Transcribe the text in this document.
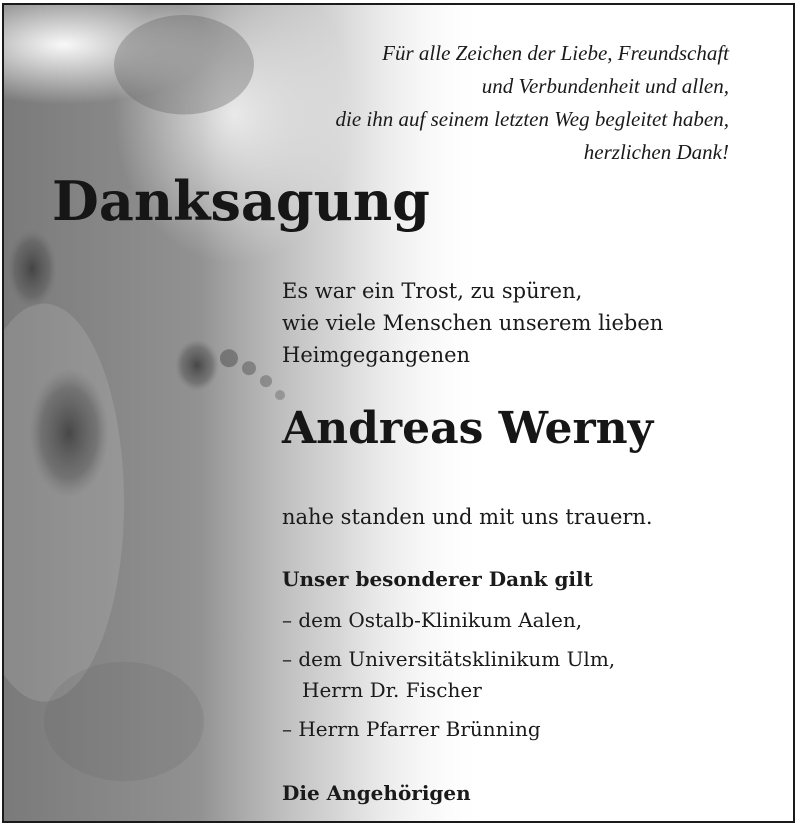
Für alle Zeichen der Liebe, Freundschaft
und Verbundenheit und allen,
die ihn auf seinem letzten Weg begleitet haben,
herzlichen Dank!
Danksagung
Es war ein Trost, zu spüren,
wie viele Menschen unserem lieben
Heimgegangenen
Andreas Werny
nahe standen und mit uns trauern.
Unser besonderer Dank gilt
– dem Ostalb-Klinikum Aalen,
– dem Universitätsklinikum Ulm,
Herrn Dr. Fischer
– Herrn Pfarrer Brünning
Die Angehörigen
